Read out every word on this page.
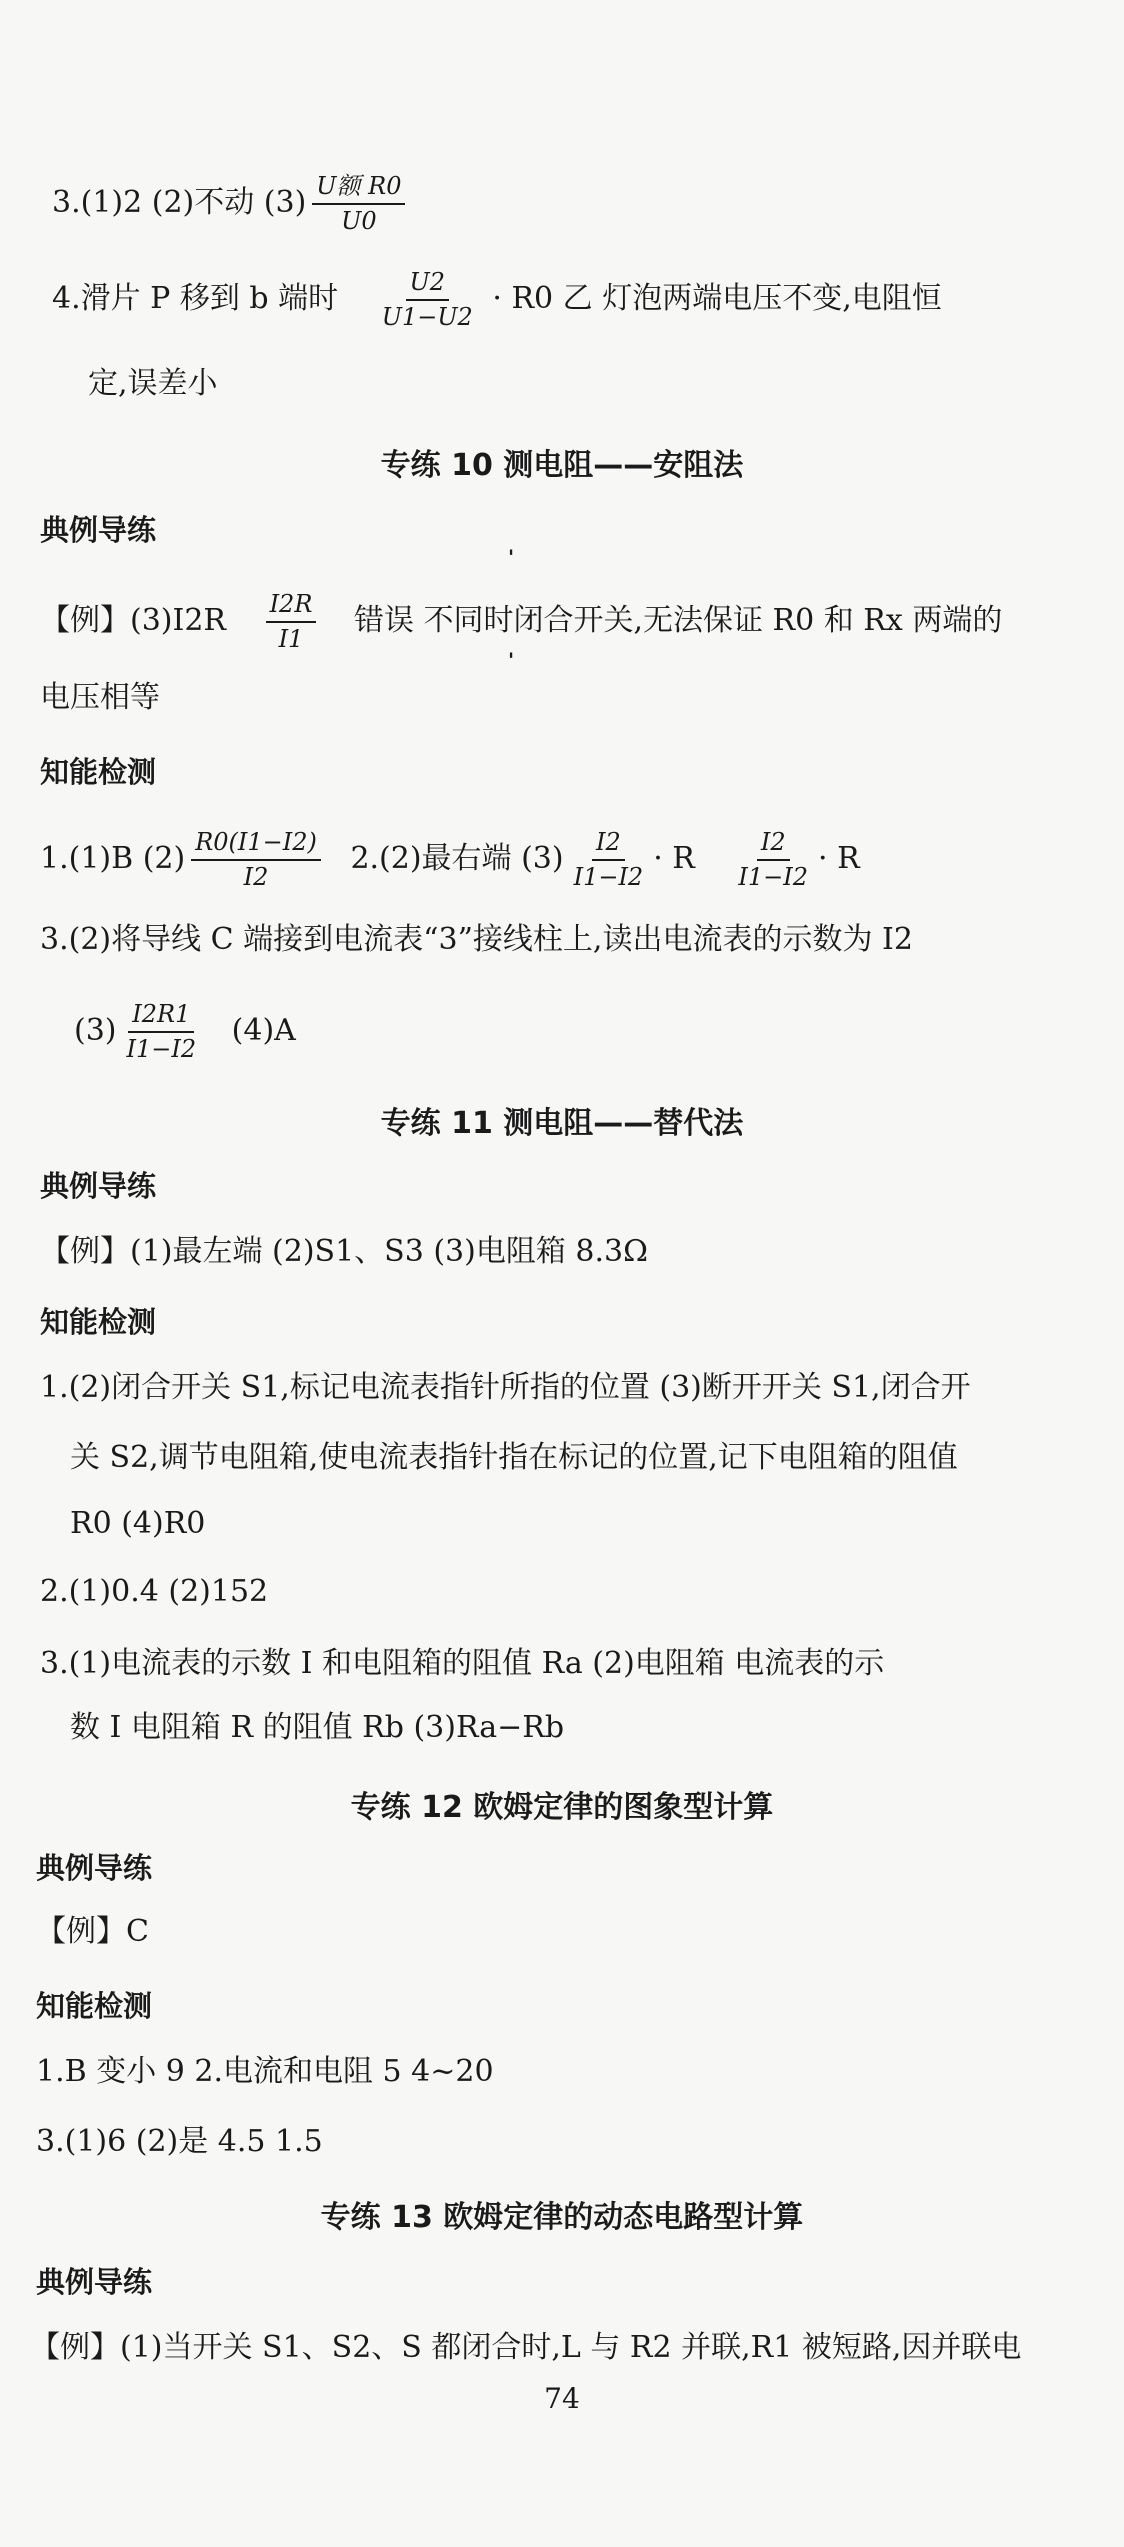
3.(1)2 (2)不动 $(3) \frac{\text{U额 R0}}{U0}$
4.滑片 P 移到 b 端时 $\frac{U2}{U1-U2} \cdot R0$ 乙 灯泡两端电压不变,电阻恒
定,误差小
专练 10 测电阻——安阻法
典例导练
【例】$(3)I2R \frac{I2R}{I1}$ 错误 不同时闭合开关,无法保证 R0 和 Rx 两端的
'
'
电压相等
知能检测
1.(1)B $(2) \frac{R0(I1-I2)}{I2} 2.(2)$最右端 $(3) \frac{I2}{I1-I2} \cdot R \frac{I2}{I1-I2} \cdot R$
3.(2)将导线 C 端接到电流表“3”接线柱上,读出电流表的示数为 I2
$(3) \frac{I2R1}{I1-I2} (4)A$
专练 11 测电阻——替代法
典例导练
【例】(1)最左端 (2)S1、S3 (3)电阻箱 8.3Ω
知能检测
1.(2)闭合开关 S1,标记电流表指针所指的位置 (3)断开开关 S1,闭合开
关 S2,调节电阻箱,使电流表指针指在标记的位置,记下电阻箱的阻值
R0 (4)R0
2.(1)0.4 (2)152
3.(1)电流表的示数 I 和电阻箱的阻值 Ra (2)电阻箱 电流表的示
数 I 电阻箱 R 的阻值 Rb (3)Ra−Rb
专练 12 欧姆定律的图象型计算
典例导练
【例】C
知能检测
1.B 变小 9 2.电流和电阻 5 4~20
3.(1)6 (2)是 4.5 1.5
专练 13 欧姆定律的动态电路型计算
典例导练
【例】(1)当开关 S1、S2、S 都闭合时,L 与 R2 并联,R1 被短路,因并联电
74
